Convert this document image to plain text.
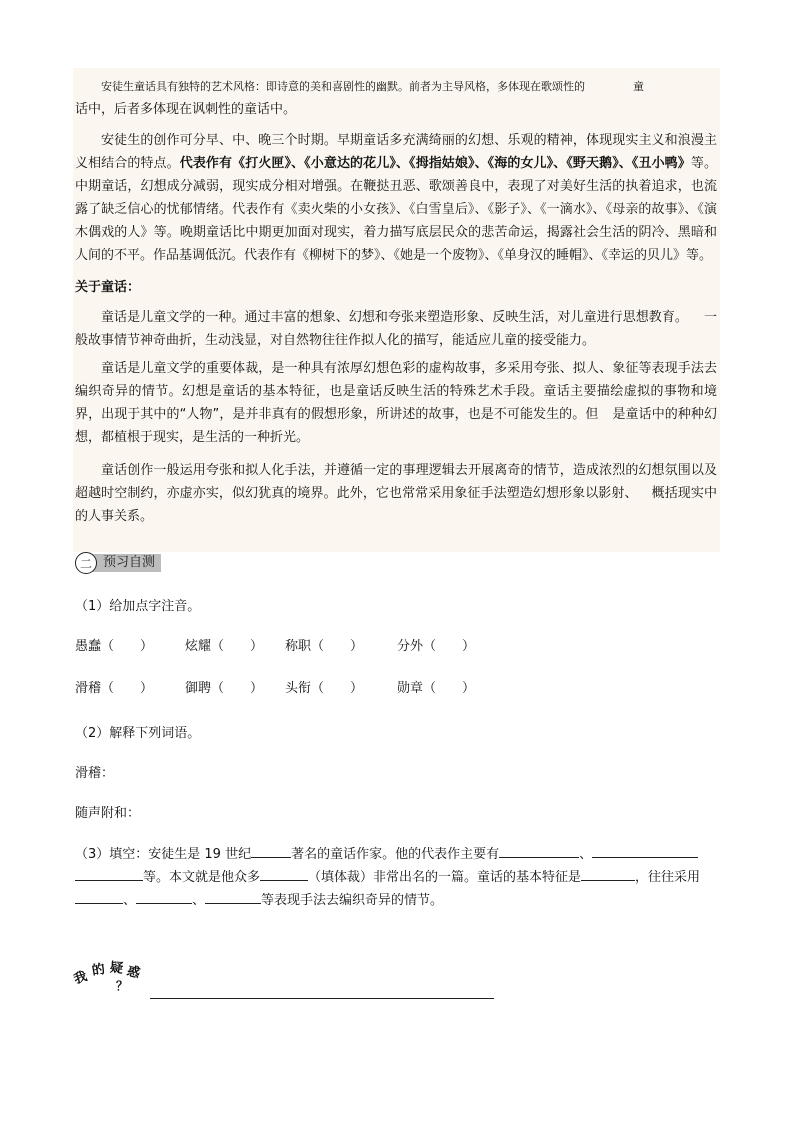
安徒生童话具有独特的艺术风格：即诗意的美和喜剧性的幽默。前者为主导风格，多体现在歌颂性的	童
话中，后者多体现在讽刺性的童话中。
安徒生的创作可分早、中、晚三个时期。早期童话多充满绮丽的幻想、乐观的精神，体现现实主义和浪漫主义相结合的特点。代表作有《打火匣》、《小意达的花儿》、《拇指姑娘》、《海的女儿》、《野天鹅》、《丑小鸭》等。中期童话，幻想成分减弱，现实成分相对增强。在鞭挞丑恶、歌颂善良中，表现了对美好生活的执着追求，也流露了缺乏信心的忧郁情绪。代表作有《卖火柴的小女孩》、《白雪皇后》、《影子》、《一滴水》、《母亲的故事》、《演木偶戏的人》等。晚期童话比中期更加面对现实，着力描写底层民众的悲苦命运，揭露社会生活的阴冷、黑暗和人间的不平。作品基调低沉。代表作有《柳树下的梦》、《她是一个废物》、《单身汉的睡帽》、《幸运的贝儿》等。
关于童话：
童话是儿童文学的一种。通过丰富的想象、幻想和夸张来塑造形象、反映生活，对儿童进行思想教育。 一般故事情节神奇曲折，生动浅显，对自然物往往作拟人化的描写，能适应儿童的接受能力。
童话是儿童文学的重要体裁，是一种具有浓厚幻想色彩的虚构故事，多采用夸张、拟人、象征等表现手法去编织奇异的情节。幻想是童话的基本特征，也是童话反映生活的特殊艺术手段。童话主要描绘虚拟的事物和境界，出现于其中的“人物”，是并非真有的假想形象，所讲述的故事，也是不可能发生的。但 是童话中的种种幻想，都植根于现实，是生活的一种折光。
童话创作一般运用夸张和拟人化手法，并遵循一定的事理逻辑去开展离奇的情节，造成浓烈的幻想氛围以及超越时空制约，亦虚亦实，似幻犹真的境界。此外，它也常常采用象征手法塑造幻想形象以影射、 概括现实中的人事关系。
二 预习自测
（1）给加点字注音。
愚蠢（　　）	炫耀（　　）	称职（　　）	分外（　　）
滑稽（　　）	御聘（　　）	头衔（　　）	勋章（　　）
（2）解释下列词语。
滑稽：
随声附和：
（3）填空：安徒生是 19 世纪	著名的童话作家。他的代表作主要有	、
等。本文就是他众多	（填体裁）非常出名的一篇。童话的基本特征是	，往往采用
、	、	等表现手法去编织奇异的情节。
我 的 疑 惑
？
